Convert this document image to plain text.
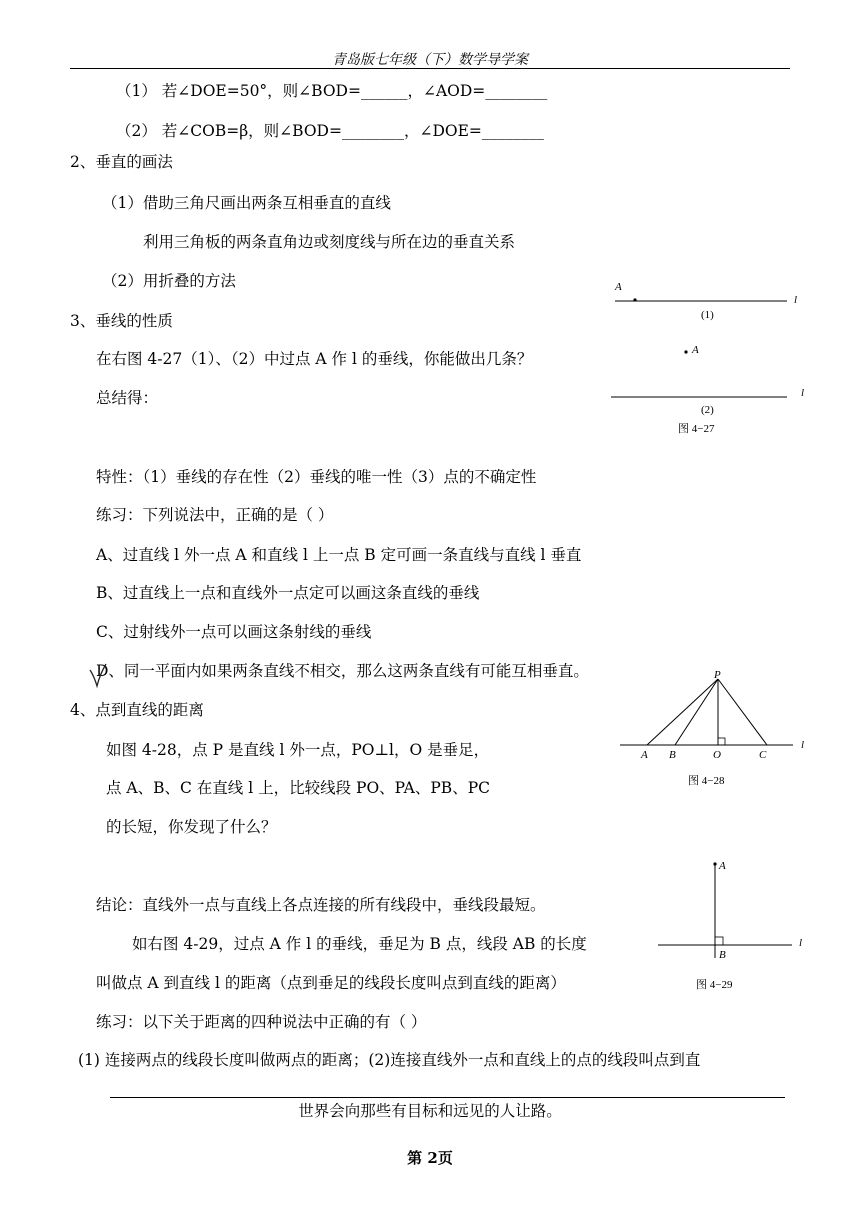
青岛版七年级（下）数学导学案
（1） 若∠DOE=50°，则∠BOD=______，∠AOD=________
（2） 若∠COB=β，则∠BOD=________，∠DOE=________
2、垂直的画法
（1）借助三角尺画出两条互相垂直的直线
利用三角板的两条直角边或刻度线与所在边的垂直关系
（2）用折叠的方法
3、垂线的性质
在右图 4-27（1）、（2）中过点 A 作 l 的垂线，你能做出几条？
总结得：
特性：（1）垂线的存在性（2）垂线的唯一性（3）点的不确定性
练习：下列说法中，正确的是（ ）
A、过直线 l 外一点 A 和直线 l 上一点 B 定可画一条直线与直线 l 垂直
B、过直线上一点和直线外一点定可以画这条直线的垂线
C、过射线外一点可以画这条射线的垂线
D、同一平面内如果两条直线不相交，那么这两条直线有可能互相垂直。
4、点到直线的距离
如图 4-28，点 P 是直线 l 外一点，PO⊥l，O 是垂足，
点 A、B、C 在直线 l 上，比较线段 PO、PA、PB、PC
的长短，你发现了什么？
结论：直线外一点与直线上各点连接的所有线段中，垂线段最短。
如右图 4-29，过点 A 作 l 的垂线，垂足为 B 点，线段 AB 的长度
叫做点 A 到直线 l 的距离（点到垂足的线段长度叫点到直线的距离）
练习：以下关于距离的四种说法中正确的有（ ）
(1) 连接两点的线段长度叫做两点的距离；(2)连接直线外一点和直线上的点的线段叫点到直
A
l
(1)
A
l
(2)
图 4−27
P
A B	O	C
l
图 4−28
A
B
l
图 4−29
世界会向那些有目标和远见的人让路。
第 2页
